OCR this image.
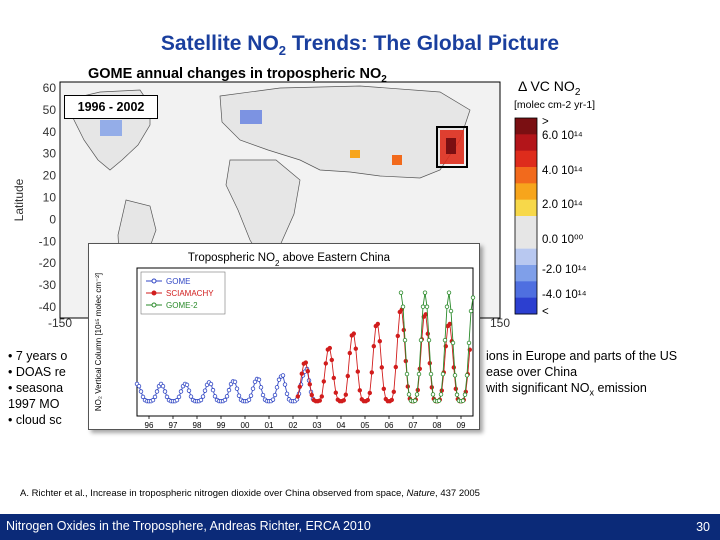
Satellite $NO_2$ Trends: The Global Picture
60
50
40
30
20
10
0
-10
-20
-30
-40
Latitude
-150	150
GOME annual changes in tropospheric $NO_2$
1996 - 2002
Δ VC $NO_2$
[molec cm-2 yr-1]
>
6.0 10¹⁴
4.0 10¹⁴
2.0 10¹⁴
0.0 10⁰⁰
-2.0 10¹⁴
-4.0 10¹⁴
<
• 7 years o	ions in Europe and parts of the US
• DOAS re	ease over China
• seasona	with significant $NO_x$ emission
1997 MO
• cloud sc
Tropospheric $NO_2$ above Eastern China
NO₂ Vertical Column [10¹⁵ molec cm⁻²]
96 97 98 99 00 01 02 03 04 05 06 07 08 09
GOME
SCIAMACHY
GOME-2
A. Richter et al., Increase in tropospheric nitrogen dioxide over China observed from space, Nature, 437 2005
Nitrogen Oxides in the Troposphere, Andreas Richter, ERCA 2010	30
